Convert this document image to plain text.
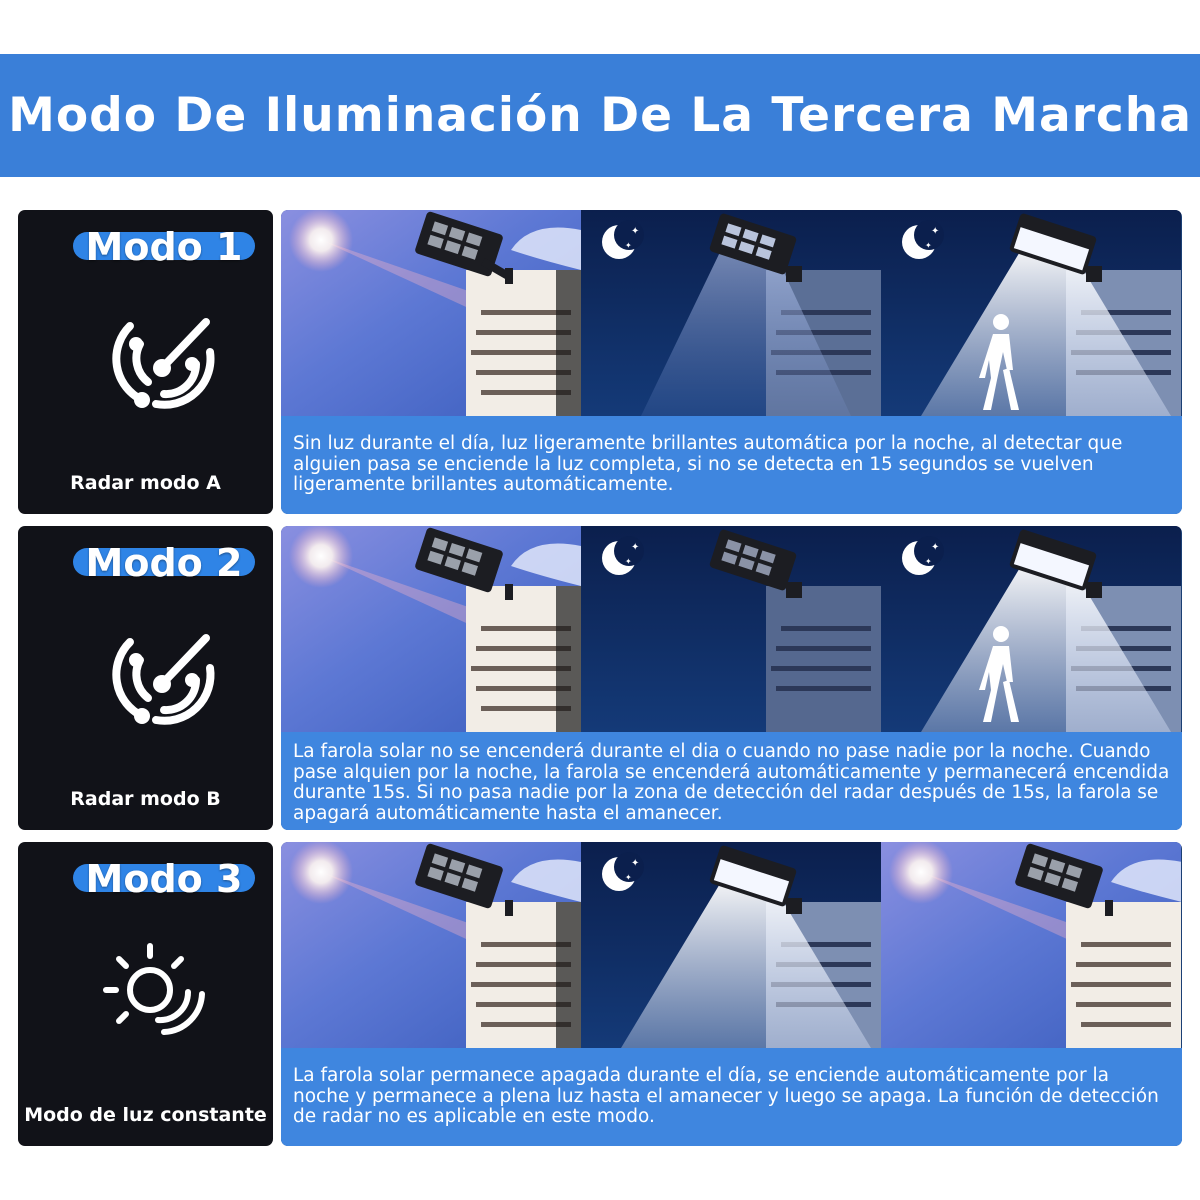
Modo De Iluminación De La Tercera Marcha
Modo 1
Radar modo A
✦
✦
✦
✦

Sin luz durante el día, luz ligeramente brillantes automática por la noche, al detectar que alguien pasa se enciende la luz completa, si no se detecta en 15 segundos se vuelven ligeramente brillantes automáticamente.

Modo 2
Radar modo B
✦
✦
✦
✦

La farola solar no se encenderá durante el dia o cuando no pase nadie por la noche. Cuando pase alquien por la noche, la farola se encenderá automáticamente y permanecerá encendida durante 15s. Si no pasa nadie por la zona de detección del radar después de 15s, la farola se apagará automáticamente hasta el amanecer.

Modo 3
Modo de luz constante
✦
✦

La farola solar permanece apagada durante el día, se enciende automáticamente por la noche y permanece a plena luz hasta el amanecer y luego se apaga. La función de detección de radar no es aplicable en este modo.
